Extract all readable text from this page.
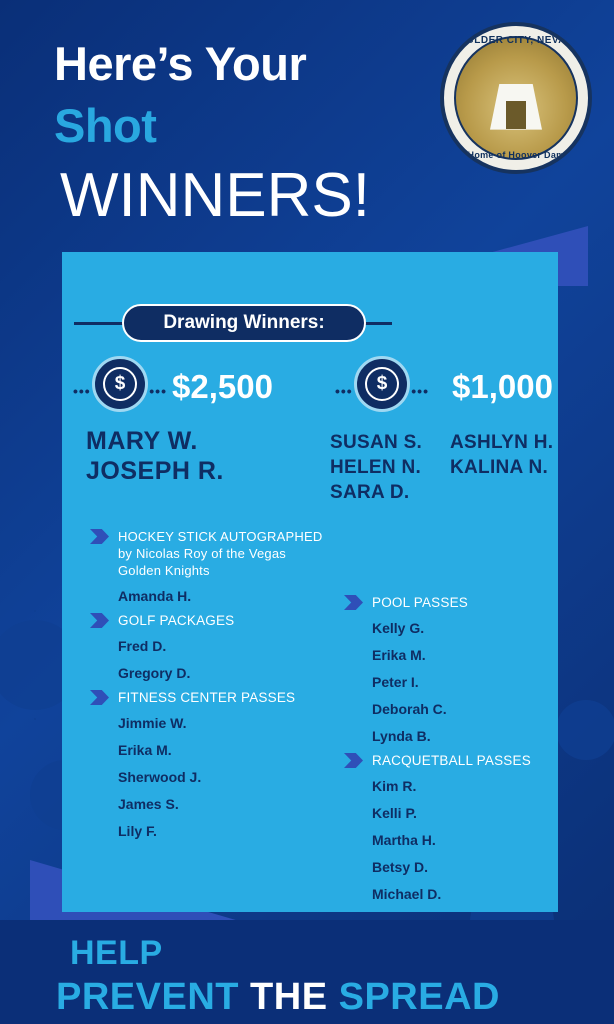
Here’s Your
Shot
WINNERS!
BOULDER CITY, NEVADA
Home of Hoover Dam
Drawing Winners:
•••	•••
$	$2,500
MARY W.
JOSEPH R.
•••	•••
$	$1,000
SUSAN S.
HELEN N.
SARA D.
ASHLYN H.
KALINA N.
HOCKEY STICK AUTOGRAPHED by Nicolas Roy of the Vegas Golden Knights
Amanda H.
GOLF PACKAGES
Fred D.
Gregory D.
FITNESS CENTER PASSES
Jimmie W.
Erika M.
Sherwood J.
James S.
Lily F.
POOL PASSES
Kelly G.
Erika M.
Peter I.
Deborah C.
Lynda B.
RACQUETBALL PASSES
Kim R.
Kelli P.
Martha H.
Betsy D.
Michael D.
HELP
PREVENT THE SPREAD
